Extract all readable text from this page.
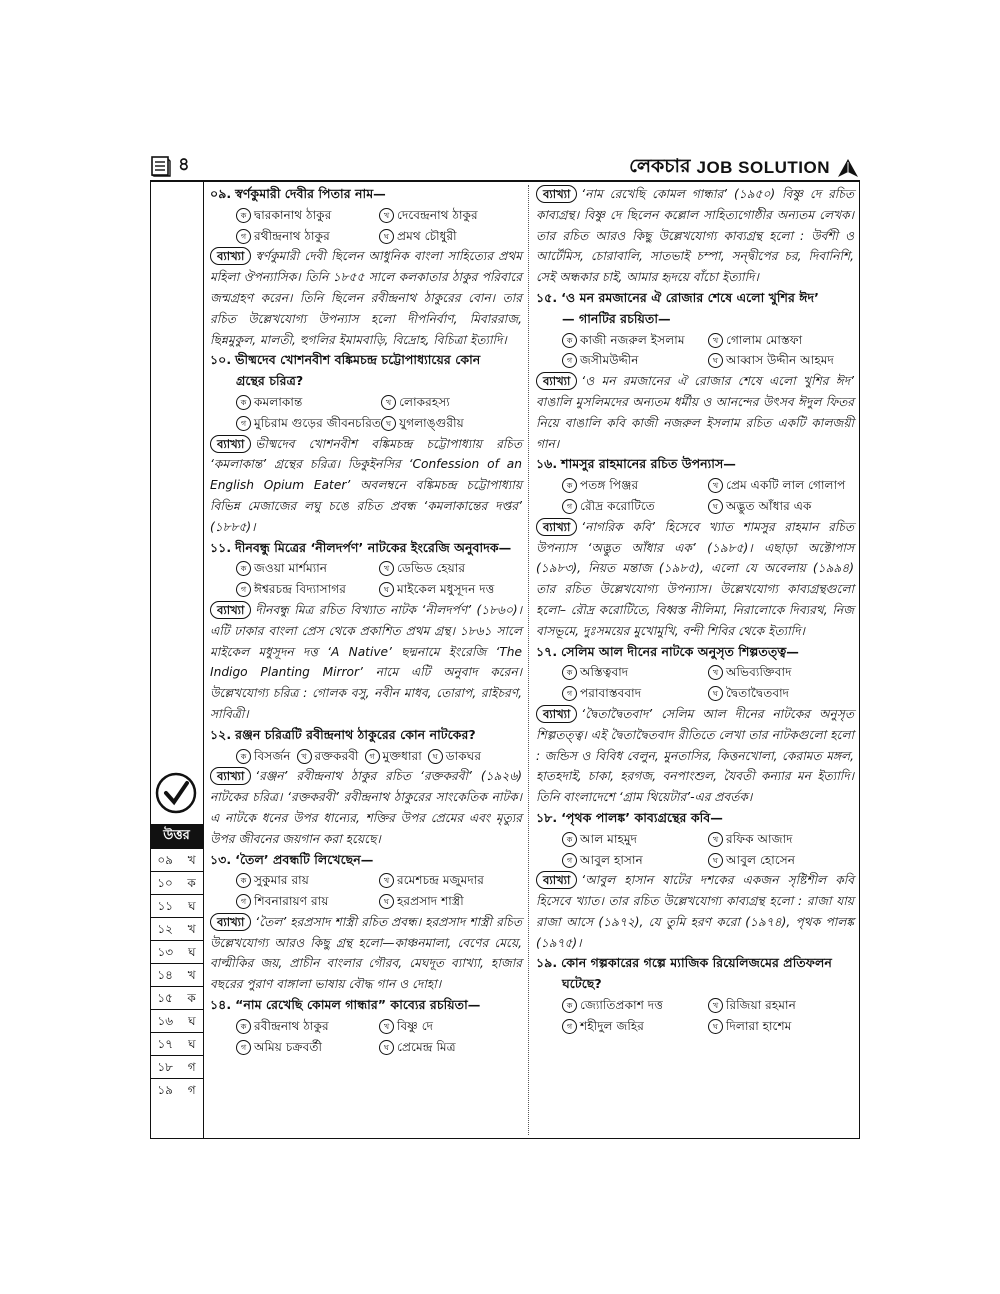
৪	লেকচার JOB SOLUTION
উত্তর
০৯ খ
১০ ক
১১ ঘ
১২ খ
১৩ ঘ
১৪ খ
১৫ ক
১৬ ঘ
১৭ ঘ
১৮ গ
১৯ গ
০৯. স্বর্ণকুমারী দেবীর পিতার নাম—
ক দ্বারকানাথ ঠাকুর	খ দেবেন্দ্রনাথ ঠাকুর
গ রথীন্দ্রনাথ ঠাকুর	ঘ প্রমথ চৌধুরী
ব্যাখ্যা স্বর্ণকুমারী দেবী ছিলেন আধুনিক বাংলা সাহিত্যের প্রথম মহিলা ঔপন্যাসিক। তিনি ১৮৫৫ সালে কলকাতার ঠাকুর পরিবারে জন্মগ্রহণ করেন। তিনি ছিলেন রবীন্দ্রনাথ ঠাকুরের বোন। তার রচিত উল্লেখযোগ্য উপন্যাস হলো দীপনির্বাণ, মিবাররাজ, ছিন্নমুকুল, মালতী, হুগলির ইমামবাড়ি, বিদ্রোহ, বিচিত্রা ইত্যাদি।
১০. ভীষ্মদেব খোশনবীশ বঙ্কিমচন্দ্র চট্টোপাধ্যায়ের কোন
গ্রন্থের চরিত্র?
ক কমলাকান্ত	খ লোকরহস্য
গ মুচিরাম গুড়ের জীবনচরিত ঘ যুগলাঙ্গুরীয়
ব্যাখ্যা ভীষ্মদেব খোশনবীশ বঙ্কিমচন্দ্র চট্টোপাধ্যায় রচিত ‘কমলাকান্ত’ গ্রন্থের চরিত্র। ডিকুইনসির ‘Confession of an English Opium Eater’ অবলম্বনে বঙ্কিমচন্দ্র চট্টোপাধ্যায় বিভিন্ন মেজাজের লঘু চঙে রচিত প্রবন্ধ ‘কমলাকান্তের দপ্তর’ (১৮৮৫)।
১১. দীনবন্ধু মিত্রের ‘নীলদর্পণ’ নাটকের ইংরেজি অনুবাদক—
ক জওয়া মার্শম্যান	খ ডেভিড হেয়ার
গ ঈশ্বরচন্দ্র বিদ্যাসাগর	ঘ মাইকেল মধুসূদন দত্ত
ব্যাখ্যা দীনবন্ধু মিত্র রচিত বিখ্যাত নাটক ‘নীলদর্পণ’ (১৮৬০)। এটি ঢাকার বাংলা প্রেস থেকে প্রকাশিত প্রথম গ্রন্থ। ১৮৬১ সালে মাইকেল মধুসূদন দত্ত ‘A Native’ ছদ্মনামে ইংরেজি ‘The Indigo Planting Mirror’ নামে এটি অনুবাদ করেন। উল্লেখযোগ্য চরিত্র : গোলক বসু, নবীন মাধব, তোরাপ, রাইচরণ, সাবিত্রী।
১২. রঞ্জন চরিত্রটি রবীন্দ্রনাথ ঠাকুরের কোন নাটকের?
ক বিসর্জন	খ রক্তকরবী	গ মুক্তধারা	ঘ ডাকঘর
ব্যাখ্যা ‘রঞ্জন’ রবীন্দ্রনাথ ঠাকুর রচিত ‘রক্তকরবী’ (১৯২৬) নাটকের চরিত্র। ‘রক্তকরবী’ রবীন্দ্রনাথ ঠাকুরের সাংকেতিক নাটক। এ নাটকে ধনের উপর ধান্যের, শক্তির উপর প্রেমের এবং মৃত্যুর উপর জীবনের জয়গান করা হয়েছে।
১৩. ‘তৈল’ প্রবন্ধটি লিখেছেন—
ক সুকুমার রায়	খ রমেশচন্দ্র মজুমদার
গ শিবনারায়ণ রায়	ঘ হরপ্রসাদ শাস্ত্রী
ব্যাখ্যা ‘তৈল’ হরপ্রসাদ শাস্ত্রী রচিত প্রবন্ধ। হরপ্রসাদ শাস্ত্রী রচিত উল্লেখযোগ্য আরও কিছু গ্রন্থ হলো—কাঞ্চনমালা, বেণের মেয়ে, বাল্মীকির জয়, প্রাচীন বাংলার গৌরব, মেঘদূত ব্যাখ্যা, হাজার বছরের পুরাণ বাঙ্গালা ভাষায় বৌদ্ধ গান ও দোহা।
১৪. “নাম রেখেছি কোমল গান্ধার” কাব্যের রচয়িতা—
ক রবীন্দ্রনাথ ঠাকুর	খ বিষ্ণু দে
গ অমিয় চক্রবর্তী	ঘ প্রেমেন্দ্র মিত্র
ব্যাখ্যা ‘নাম রেখেছি কোমল গান্ধার’ (১৯৫০) বিষ্ণু দে রচিত কাব্যগ্রন্থ। বিষ্ণু দে ছিলেন কল্লোল সাহিত্যগোষ্ঠীর অন্যতম লেখক। তার রচিত আরও কিছু উল্লেখযোগ্য কাব্যগ্রন্থ হলো : উর্বশী ও আর্টেমিস, চোরাবালি, সাতভাই চম্পা, সন্দ্বীপের চর, দিবানিশি, সেই অন্ধকার চাই, আমার হৃদয়ে বাঁচো ইত্যাদি।
১৫. ‘ও মন রমজানের ঐ রোজার শেষে এলো খুশির ঈদ’
— গানটির রচয়িতা—
ক কাজী নজরুল ইসলাম	খ গোলাম মোস্তফা
গ জসীমউদ্দীন	ঘ আব্বাস উদ্দীন আহমদ
ব্যাখ্যা ‘ও মন রমজানের ঐ রোজার শেষে এলো খুশির ঈদ’ বাঙালি মুসলিমদের অন্যতম ধর্মীয় ও আনন্দের উৎসব ঈদুল ফিতর নিয়ে বাঙালি কবি কাজী নজরুল ইসলাম রচিত একটি কালজয়ী গান।
১৬. শামসুর রাহমানের রচিত উপন্যাস—
ক পতঙ্গ পিঞ্জর	খ প্রেম একটি লাল গোলাপ
গ রৌদ্র করোটিতে	ঘ অদ্ভুত আঁধার এক
ব্যাখ্যা ‘নাগরিক কবি’ হিসেবে খ্যাত শামসুর রাহমান রচিত উপন্যাস ‘অদ্ভুত আঁধার এক’ (১৯৮৫)। এছাড়া অক্টোপাস (১৯৮৩), নিয়ত মন্তাজ (১৯৮৫), এলো যে অবেলায় (১৯৯৪) তার রচিত উল্লেখযোগ্য উপন্যাস। উল্লেখযোগ্য কাব্যগ্রন্থগুলো হলো– রৌদ্র করোটিতে, বিধ্বস্ত নীলিমা, নিরালোকে দিব্যরথ, নিজ বাসভূমে, দুঃসময়ের মুখোমুখি, বন্দী শিবির থেকে ইত্যাদি।
১৭. সেলিম আল দীনের নাটকে অনুসৃত শিল্পতত্ত্ব—
ক অস্তিত্ববাদ	খ অভিব্যক্তিবাদ
গ পরাবাস্তববাদ	ঘ দ্বৈতাদ্বৈতবাদ
ব্যাখ্যা ‘দ্বৈতাদ্বৈতবাদ’ সেলিম আল দীনের নাটকের অনুসৃত শিল্পতত্ত্ব। এই দ্বৈতাদ্বৈতবাদ রীতিতে লেখা তার নাটকগুলো হলো : জন্ডিস ও বিবিধ বেলুন, মুনতাসির, কিত্তনখোলা, কেরামত মঙ্গল, হাতহদাই, চাকা, হরগজ, বনপাংশুল, যৈবতী কন্যার মন ইত্যাদি। তিনি বাংলাদেশে ‘গ্রাম থিয়েটার’-এর প্রবর্তক।
১৮. ‘পৃথক পালঙ্ক’ কাব্যগ্রন্থের কবি—
ক আল মাহমুদ	খ রফিক আজাদ
গ আবুল হাসান	ঘ আবুল হোসেন
ব্যাখ্যা ‘আবুল হাসান ষাটের দশকের একজন সৃষ্টিশীল কবি হিসেবে খ্যাত। তার রচিত উল্লেখযোগ্য কাব্যগ্রন্থ হলো : রাজা যায় রাজা আসে (১৯৭২), যে তুমি হরণ করো (১৯৭৪), পৃথক পালঙ্ক (১৯৭৫)।
১৯. কোন গল্পকারের গল্পে ম্যাজিক রিয়েলিজমের প্রতিফলন
ঘটেছে?
ক জ্যোতিপ্রকাশ দত্ত	খ রিজিয়া রহমান
গ শহীদুল জহির	ঘ দিলারা হাশেম
